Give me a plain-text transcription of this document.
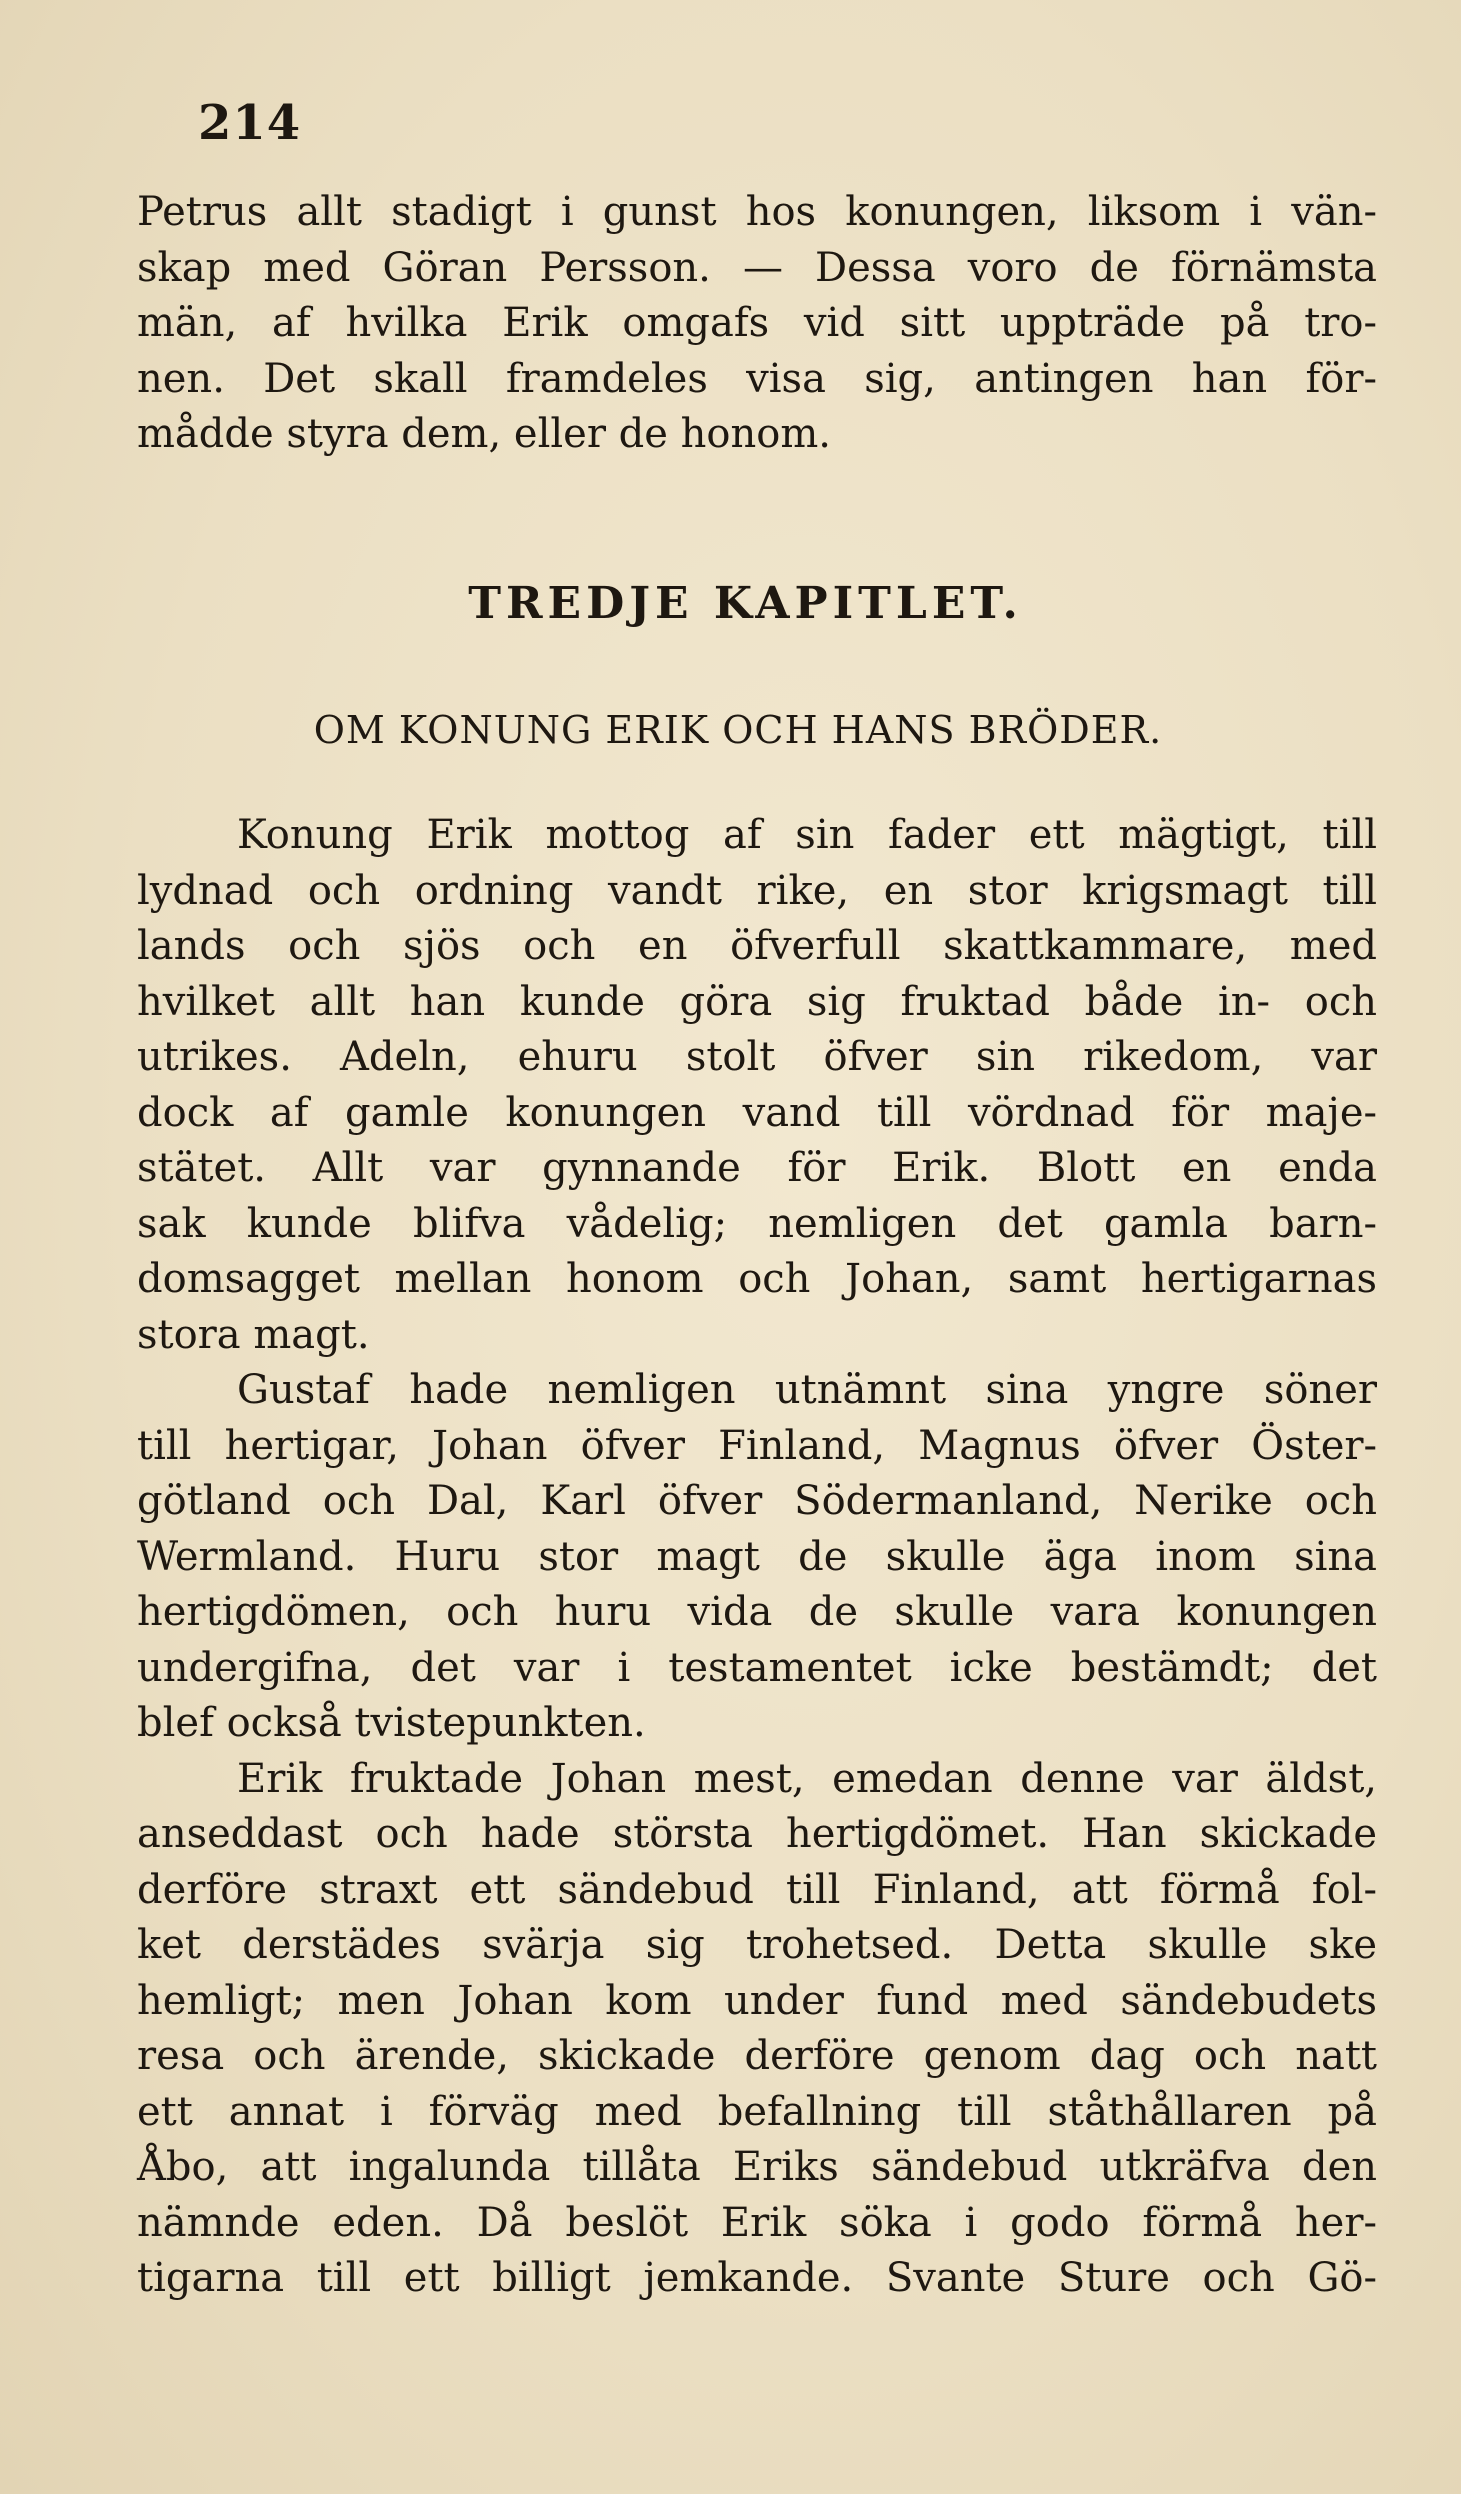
214

Petrus allt stadigt i gunst hos konungen, liksom i vän-
skap med Göran Persson. — Dessa voro de förnämsta
män, af hvilka Erik omgafs vid sitt uppträde på tro-
nen. Det skall framdeles visa sig, antingen han för-
mådde styra dem, eller de honom.

TREDJE KAPITLET.
OM KONUNG ERIK OCH HANS BRÖDER.

Konung Erik mottog af sin fader ett mägtigt, till
lydnad och ordning vandt rike, en stor krigsmagt till
lands och sjös och en öfverfull skattkammare, med
hvilket allt han kunde göra sig fruktad både in- och
utrikes. Adeln, ehuru stolt öfver sin rikedom, var
dock af gamle konungen vand till vördnad för maje-
stätet. Allt var gynnande för Erik. Blott en enda
sak kunde blifva vådelig; nemligen det gamla barn-
domsagget mellan honom och Johan, samt hertigarnas
stora magt.

Gustaf hade nemligen utnämnt sina yngre söner
till hertigar, Johan öfver Finland, Magnus öfver Öster-
götland och Dal, Karl öfver Södermanland, Nerike och
Wermland. Huru stor magt de skulle äga inom sina
hertigdömen, och huru vida de skulle vara konungen
undergifna, det var i testamentet icke bestämdt; det
blef också tvistepunkten.

Erik fruktade Johan mest, emedan denne var äldst,
anseddast och hade största hertigdömet. Han skickade
derföre straxt ett sändebud till Finland, att förmå fol-
ket derstädes svärja sig trohetsed. Detta skulle ske
hemligt; men Johan kom under fund med sändebudets
resa och ärende, skickade derföre genom dag och natt
ett annat i förväg med befallning till ståthållaren på
Åbo, att ingalunda tillåta Eriks sändebud utkräfva den
nämnde eden. Då beslöt Erik söka i godo förmå her-
tigarna till ett billigt jemkande. Svante Sture och Gö-
